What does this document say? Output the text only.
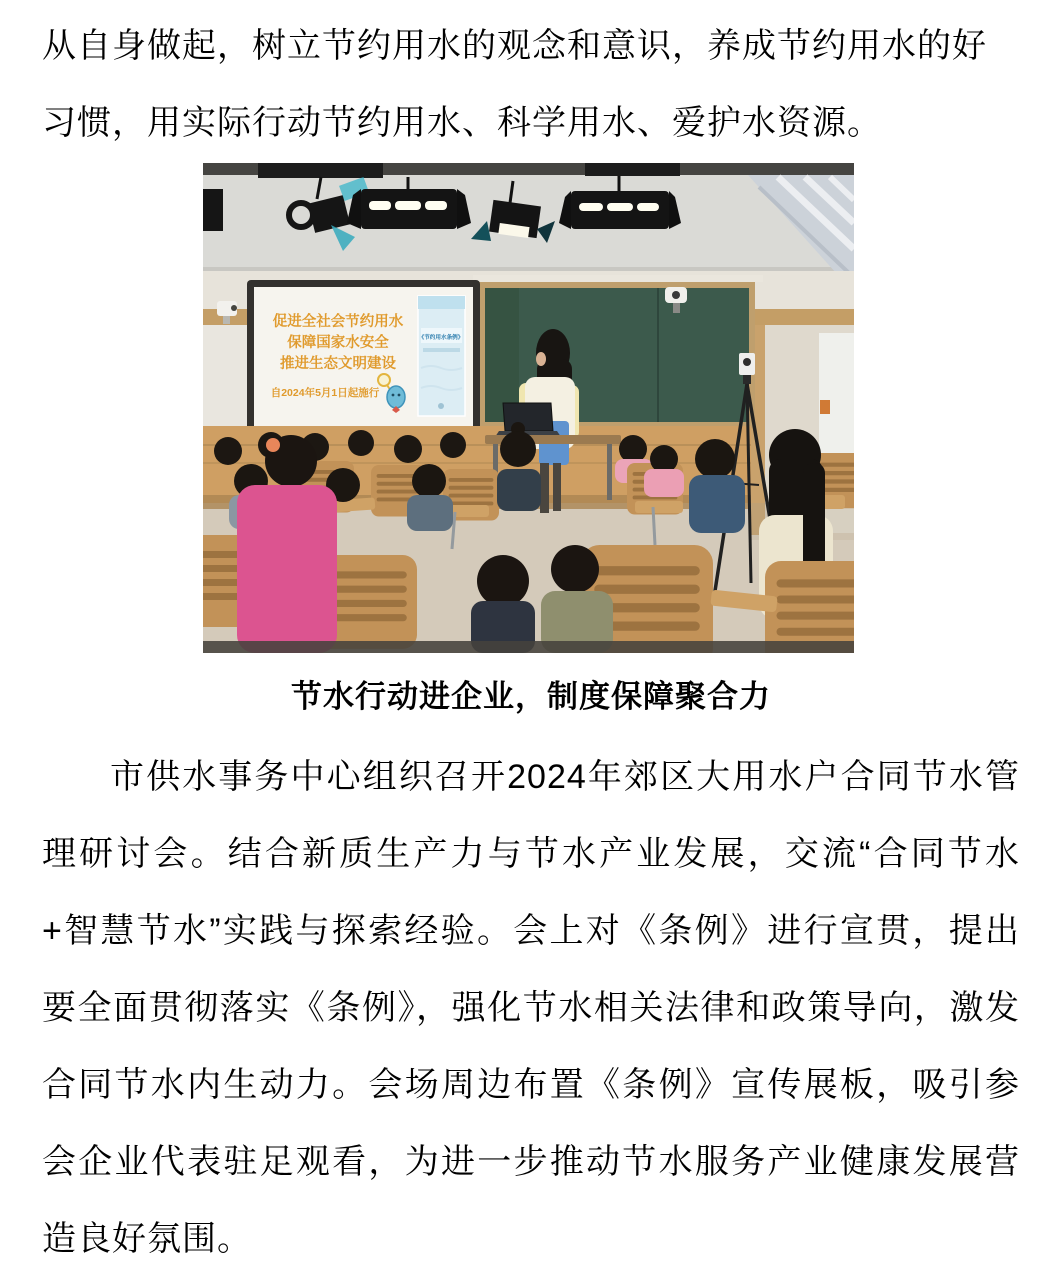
从自身做起，树立节约用水的观念和意识，养成节约用水的好习惯，用实际行动节约用水、科学用水、爱护水资源。

促进全社会节约用水
保障国家水安全
推进生态文明建设
自2024年5月1日起施行
《节约用水条例》
节水行动进企业，制度保障聚合力

市供水事务中心组织召开2024年郊区大用水户合同节水管理研讨会。结合新质生产力与节水产业发展，交流“合同节水+智慧节水”实践与探索经验。会上对《条例》进行宣贯，提出要全面贯彻落实《条例》，强化节水相关法律和政策导向，激发合同节水内生动力。会场周边布置《条例》宣传展板，吸引参会企业代表驻足观看，为进一步推动节水服务产业健康发展营造良好氛围。
